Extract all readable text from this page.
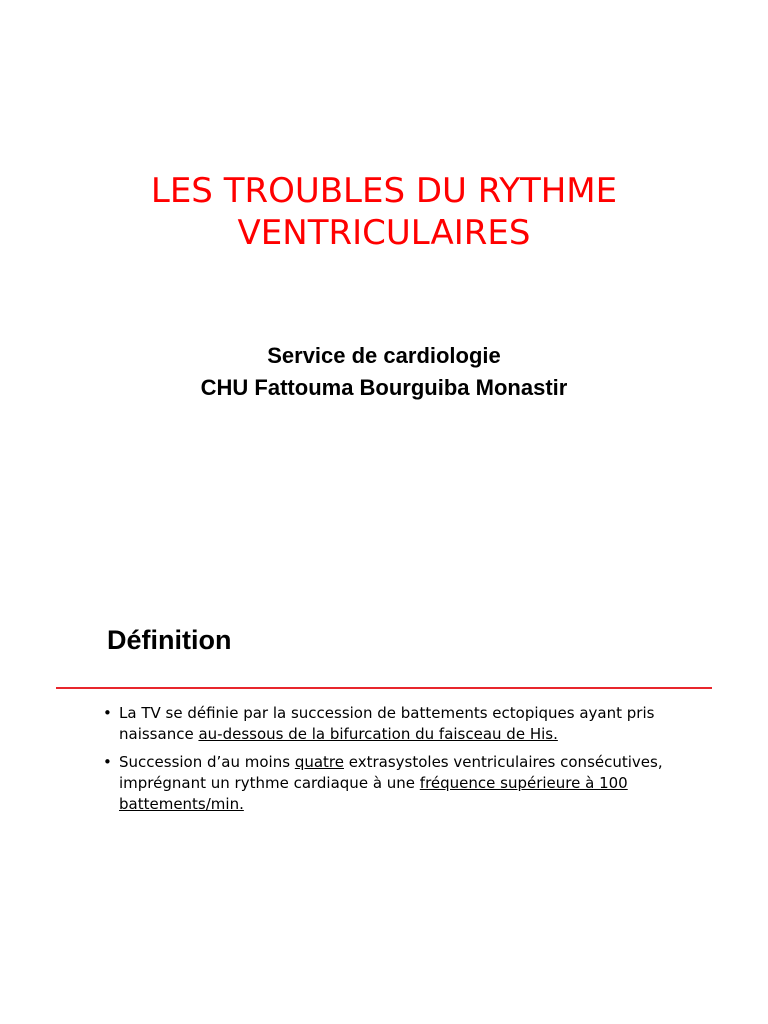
LES TROUBLES DU RYTHME
VENTRICULAIRES
Service de cardiologie
CHU Fattouma Bourguiba Monastir
Définition
• La TV se définie par la succession de battements ectopiques ayant pris naissance au-dessous de la bifurcation du faisceau de His.
• Succession d’au moins quatre extrasystoles ventriculaires consécutives, imprégnant un rythme cardiaque à une fréquence supérieure à 100 battements/min.
